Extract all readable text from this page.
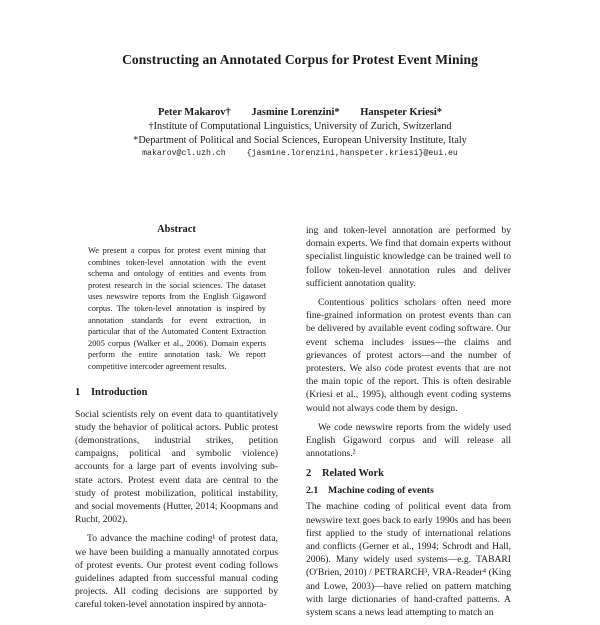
Constructing an Annotated Corpus for Protest Event Mining
Peter Makarov† Jasmine Lorenzini* Hanspeter Kriesi*
†Institute of Computational Linguistics, University of Zurich, Switzerland
*Department of Political and Social Sciences, European University Institute, Italy
makarov@cl.uzh.ch	{jasmine.lorenzini,hanspeter.kriesi}@eui.eu
Abstract
We present a corpus for protest event mining that combines token-level annotation with the event schema and ontology of entities and events from protest research in the social sciences. The dataset uses newswire reports from the English Gigaword corpus. The token-level annotation is inspired by annotation standards for event extraction, in particular that of the Automated Content Extraction 2005 corpus (Walker et al., 2006). Domain experts perform the entire annotation task. We report competitive intercoder agreement results.
1 Introduction

Social scientists rely on event data to quantitatively study the behavior of political actors. Public protest (demonstrations, industrial strikes, petition campaigns, political and symbolic violence) accounts for a large part of events involving sub-state actors. Protest event data are central to the study of protest mobilization, political instability, and social movements (Hutter, 2014; Koopmans and Rucht, 2002).

To advance the machine coding¹ of protest data, we have been building a manually annotated corpus of protest events. Our protest event coding follows guidelines adapted from successful manual coding projects. All coding decisions are supported by careful token-level annotation inspired by annota-

ing and token-level annotation are performed by domain experts. We find that domain experts without specialist linguistic knowledge can be trained well to follow token-level annotation rules and deliver sufficient annotation quality.

Contentious politics scholars often need more fine-grained information on protest events than can be delivered by available event coding software. Our event schema includes issues—the claims and grievances of protest actors—and the number of protesters. We also code protest events that are not the main topic of the report. This is often desirable (Kriesi et al., 1995), although event coding systems would not always code them by design.

We code newswire reports from the widely used English Gigaword corpus and will release all annotations.²

2 Related Work
2.1 Machine coding of events

The machine coding of political event data from newswire text goes back to early 1990s and has been first applied to the study of international relations and conflicts (Gerner et al., 1994; Schrodt and Hall, 2006). Many widely used systems—e.g. TABARI (O'Brien, 2010) / PETRARCH³, VRA-Reader⁴ (King and Lowe, 2003)—have relied on pattern matching with large dictionaries of hand-crafted patterns. A system scans a news lead attempting to match an
